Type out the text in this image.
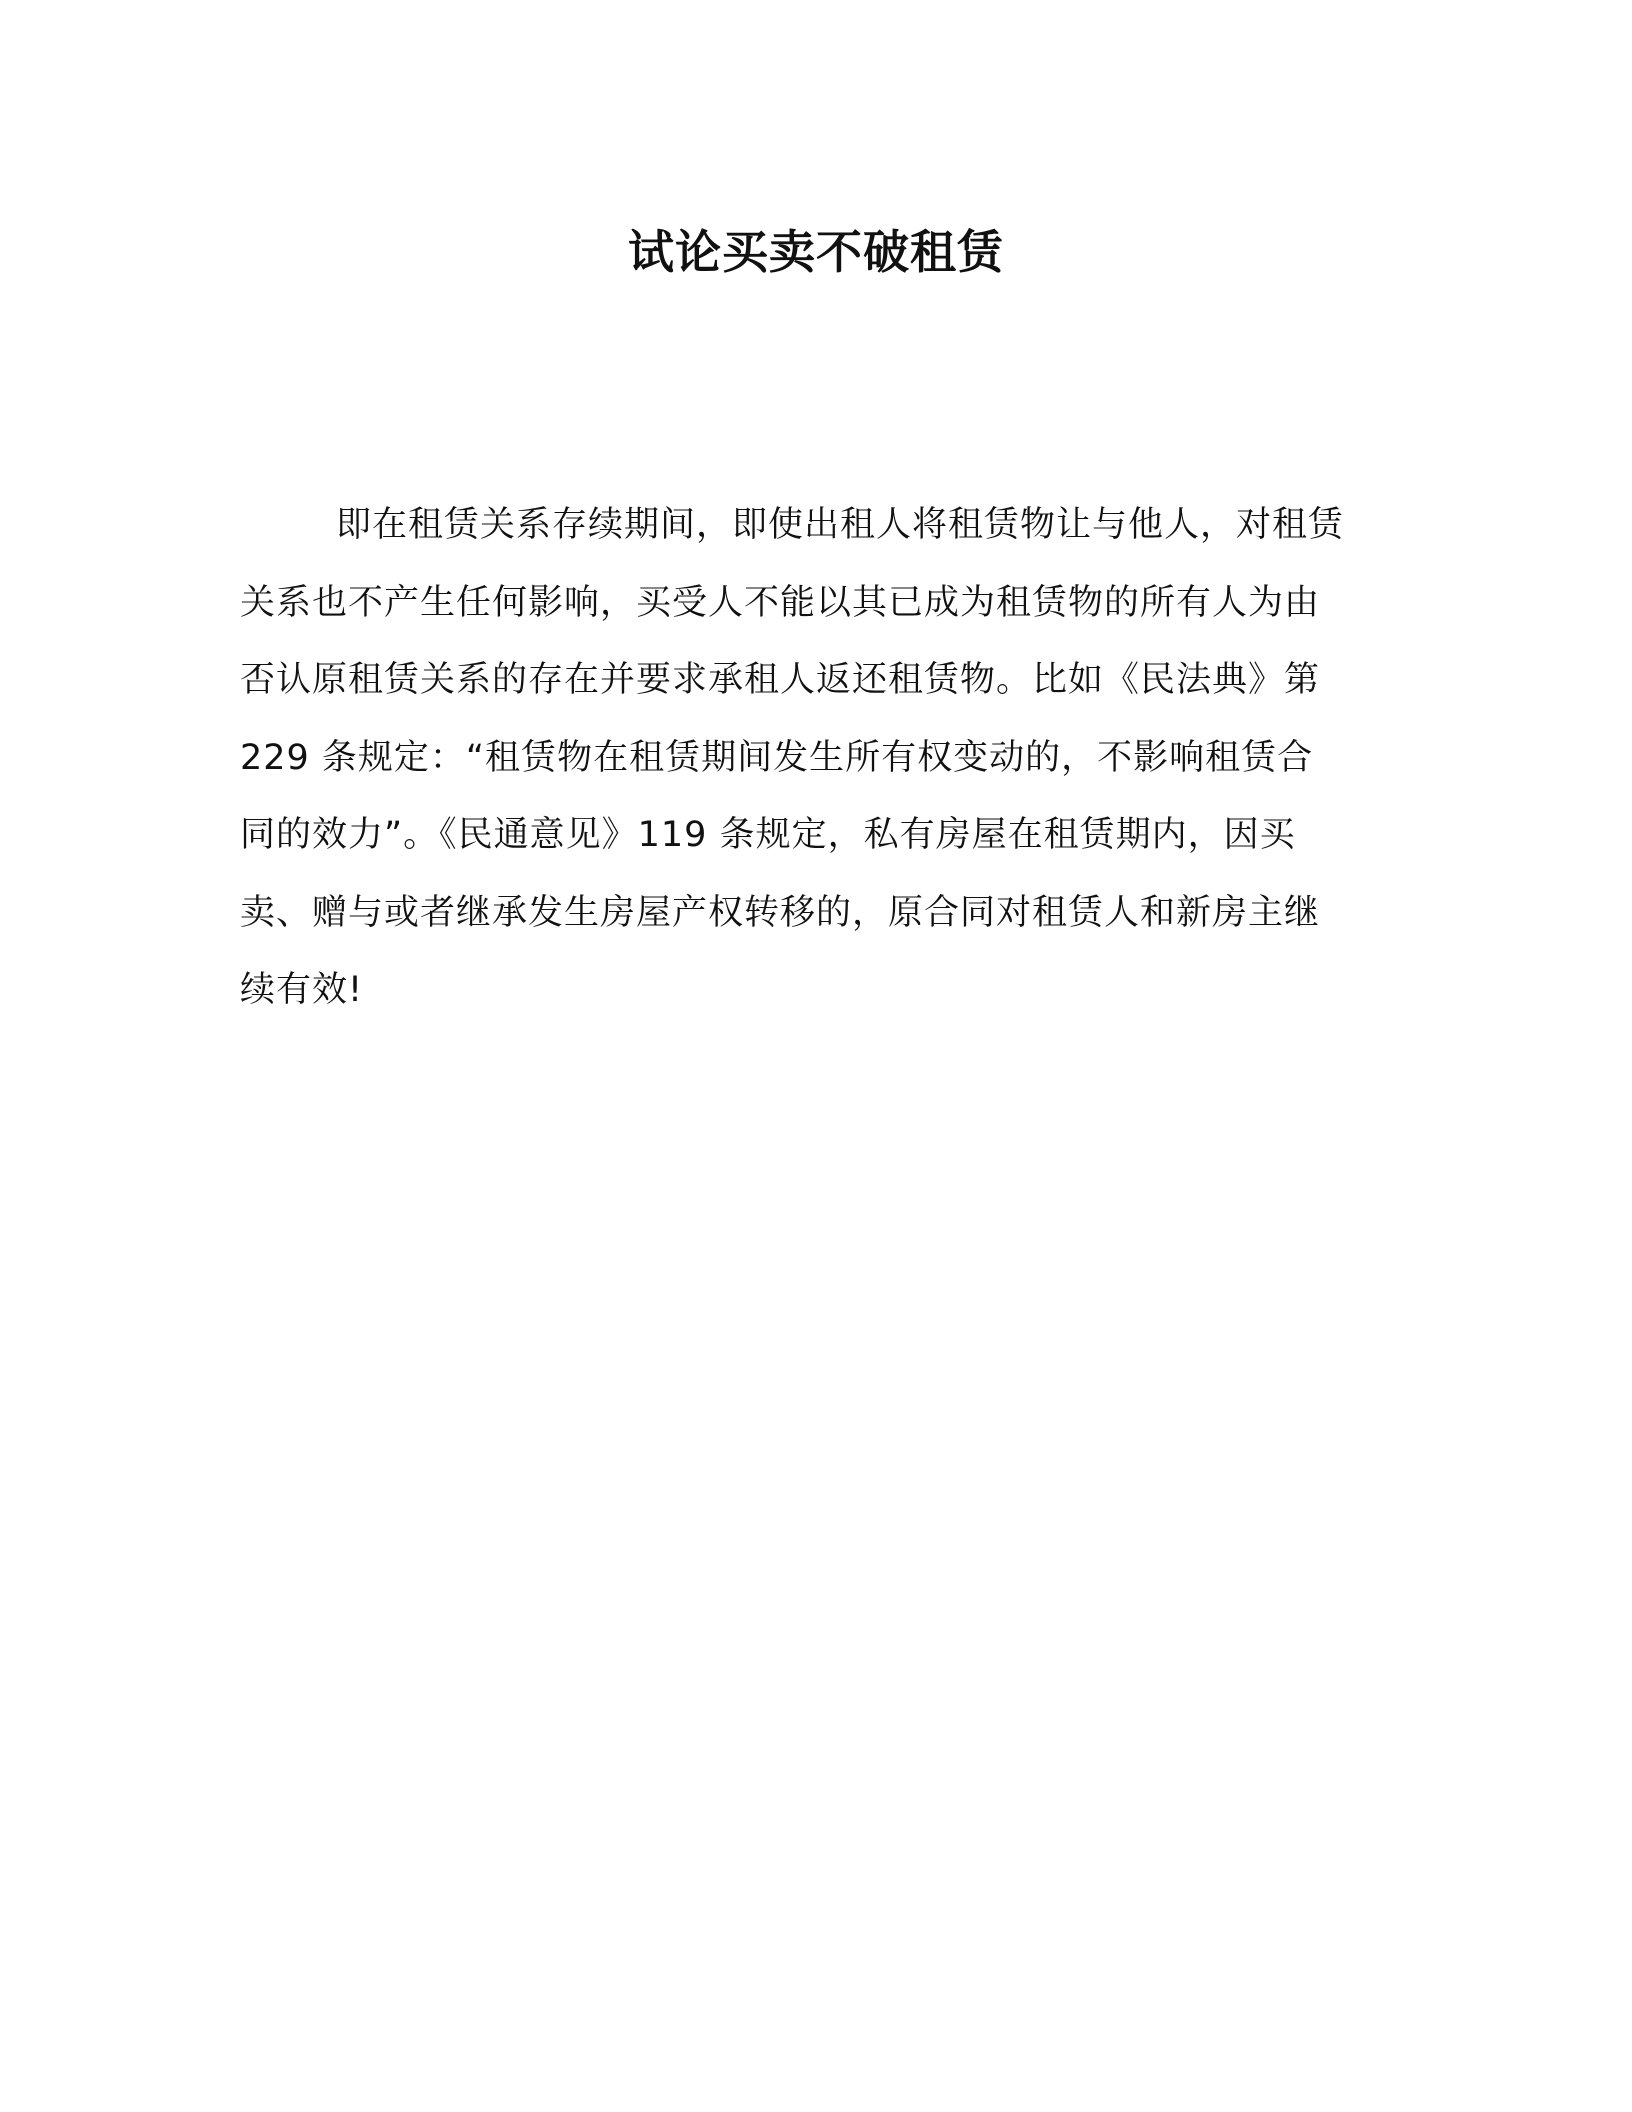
试论买卖不破租赁

即在租赁关系存续期间，即使出租人将租赁物让与他人，对租赁
关系也不产生任何影响，买受人不能以其已成为租赁物的所有人为由
否认原租赁关系的存在并要求承租人返还租赁物。比如《民法典》第
229 条规定：“租赁物在租赁期间发生所有权变动的，不影响租赁合
同的效力”。《民通意见》119 条规定，私有房屋在租赁期内，因买
卖、赠与或者继承发生房屋产权转移的，原合同对租赁人和新房主继
续有效!
